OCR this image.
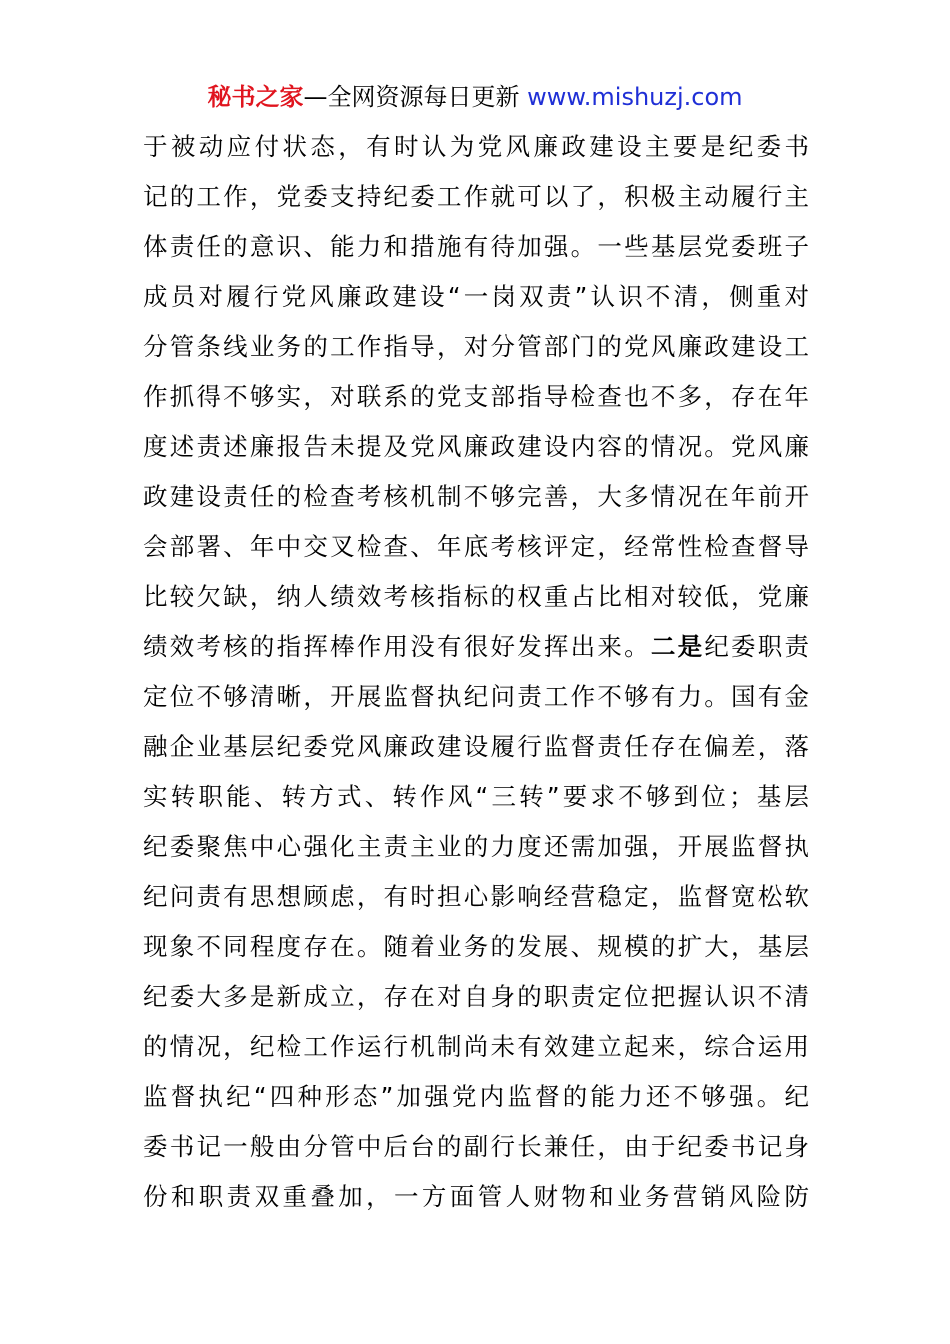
秘书之家—全网资源每日更新 www.mishuzj.com
于被动应付状态，有时认为党风廉政建设主要是纪委书
记的工作，党委支持纪委工作就可以了，积极主动履行主
体责任的意识、能力和措施有待加强。一些基层党委班子
成员对履行党风廉政建设“一岗双责”认识不清，侧重对
分管条线业务的工作指导，对分管部门的党风廉政建设工
作抓得不够实，对联系的党支部指导检查也不多，存在年
度述责述廉报告未提及党风廉政建设内容的情况。党风廉
政建设责任的检查考核机制不够完善，大多情况在年前开
会部署、年中交叉检查、年底考核评定，经常性检查督导
比较欠缺，纳人绩效考核指标的权重占比相对较低，党廉
绩效考核的指挥棒作用没有很好发挥出来。二是纪委职责
定位不够清晰，开展监督执纪问责工作不够有力。国有金
融企业基层纪委党风廉政建设履行监督责任存在偏差，落
实转职能、转方式、转作风“三转”要求不够到位；基层
纪委聚焦中心强化主责主业的力度还需加强，开展监督执
纪问责有思想顾虑，有时担心影响经营稳定，监督宽松软
现象不同程度存在。随着业务的发展、规模的扩大，基层
纪委大多是新成立，存在对自身的职责定位把握认识不清
的情况，纪检工作运行机制尚未有效建立起来，综合运用
监督执纪“四种形态”加强党内监督的能力还不够强。纪
委书记一般由分管中后台的副行长兼任，由于纪委书记身
份和职责双重叠加，一方面管人财物和业务营销风险防
